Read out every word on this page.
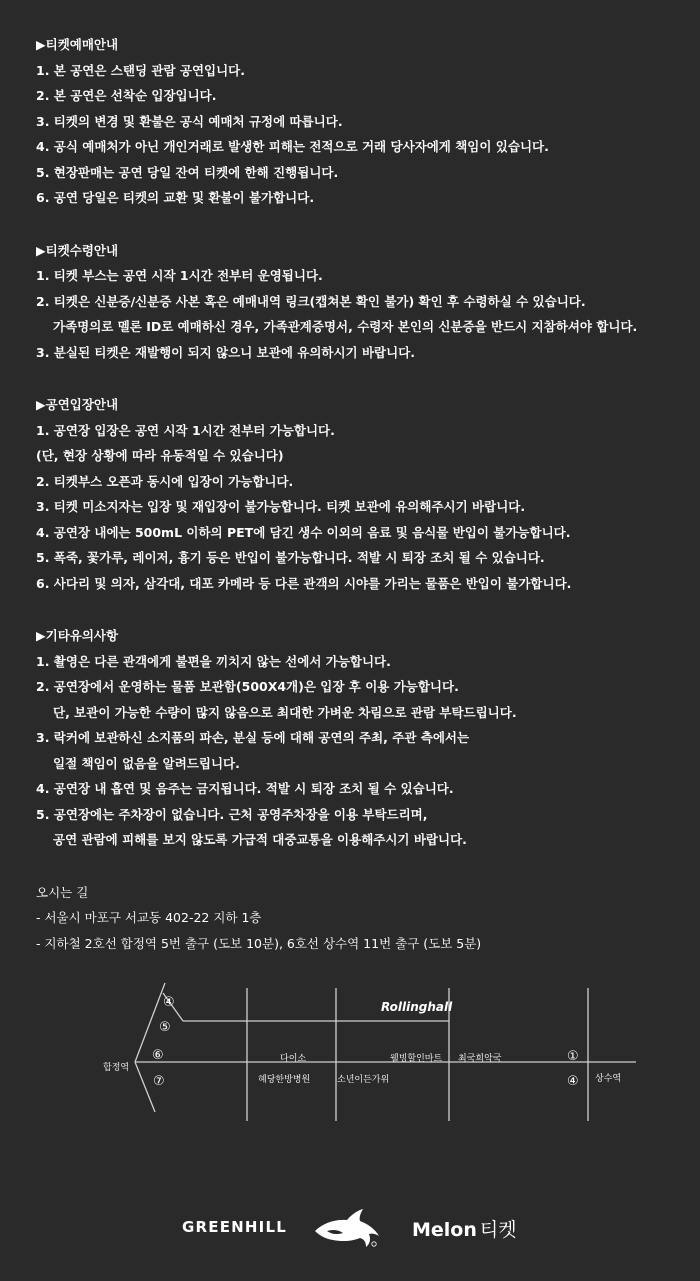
▶티켓예매안내
1. 본 공연은 스탠딩 관람 공연입니다.
2. 본 공연은 선착순 입장입니다.
3. 티켓의 변경 및 환불은 공식 예매처 규정에 따릅니다.
4. 공식 예매처가 아닌 개인거래로 발생한 피해는 전적으로 거래 당사자에게 책임이 있습니다.
5. 현장판매는 공연 당일 잔여 티켓에 한해 진행됩니다.
6. 공연 당일은 티켓의 교환 및 환불이 불가합니다.
▶티켓수령안내
1. 티켓 부스는 공연 시작 1시간 전부터 운영됩니다.
2. 티켓은 신분증/신분증 사본 혹은 예매내역 링크(캡쳐본 확인 불가) 확인 후 수령하실 수 있습니다.
가족명의로 멜론 ID로 예매하신 경우, 가족관계증명서, 수령자 본인의 신분증을 반드시 지참하셔야 합니다.
3. 분실된 티켓은 재발행이 되지 않으니 보관에 유의하시기 바랍니다.
▶공연입장안내
1. 공연장 입장은 공연 시작 1시간 전부터 가능합니다.
(단, 현장 상황에 따라 유동적일 수 있습니다)
2. 티켓부스 오픈과 동시에 입장이 가능합니다.
3. 티켓 미소지자는 입장 및 재입장이 불가능합니다. 티켓 보관에 유의해주시기 바랍니다.
4. 공연장 내에는 500mL 이하의 PET에 담긴 생수 이외의 음료 및 음식물 반입이 불가능합니다.
5. 폭죽, 꽃가루, 레이저, 흉기 등은 반입이 불가능합니다. 적발 시 퇴장 조치 될 수 있습니다.
6. 사다리 및 의자, 삼각대, 대포 카메라 등 다른 관객의 시야를 가리는 물품은 반입이 불가합니다.
▶기타유의사항
1. 촬영은 다른 관객에게 불편을 끼치지 않는 선에서 가능합니다.
2. 공연장에서 운영하는 물품 보관함(500X4개)은 입장 후 이용 가능합니다.
단, 보관이 가능한 수량이 많지 않음으로 최대한 가벼운 차림으로 관람 부탁드립니다.
3. 락커에 보관하신 소지품의 파손, 분실 등에 대해 공연의 주최, 주관 측에서는
일절 책임이 없음을 알려드립니다.
4. 공연장 내 흡연 및 음주는 금지됩니다. 적발 시 퇴장 조치 될 수 있습니다.
5. 공연장에는 주차장이 없습니다. 근처 공영주차장을 이용 부탁드리며,
공연 관람에 피해를 보지 않도록 가급적 대중교통을 이용해주시기 바랍니다.
오시는 길
- 서울시 마포구 서교동 402-22 지하 1층
- 지하철 2호선 합정역 5번 출구 (도보 10분), 6호선 상수역 11번 출구 (도보 5분)
④
⑤
⑥
⑦
①
④
합정역
상수역
다이소
혜당한방병원
웰빙할인마트 최국희악국
소년이든가위
Rollinghall
GREENHILL	Melon 티켓
